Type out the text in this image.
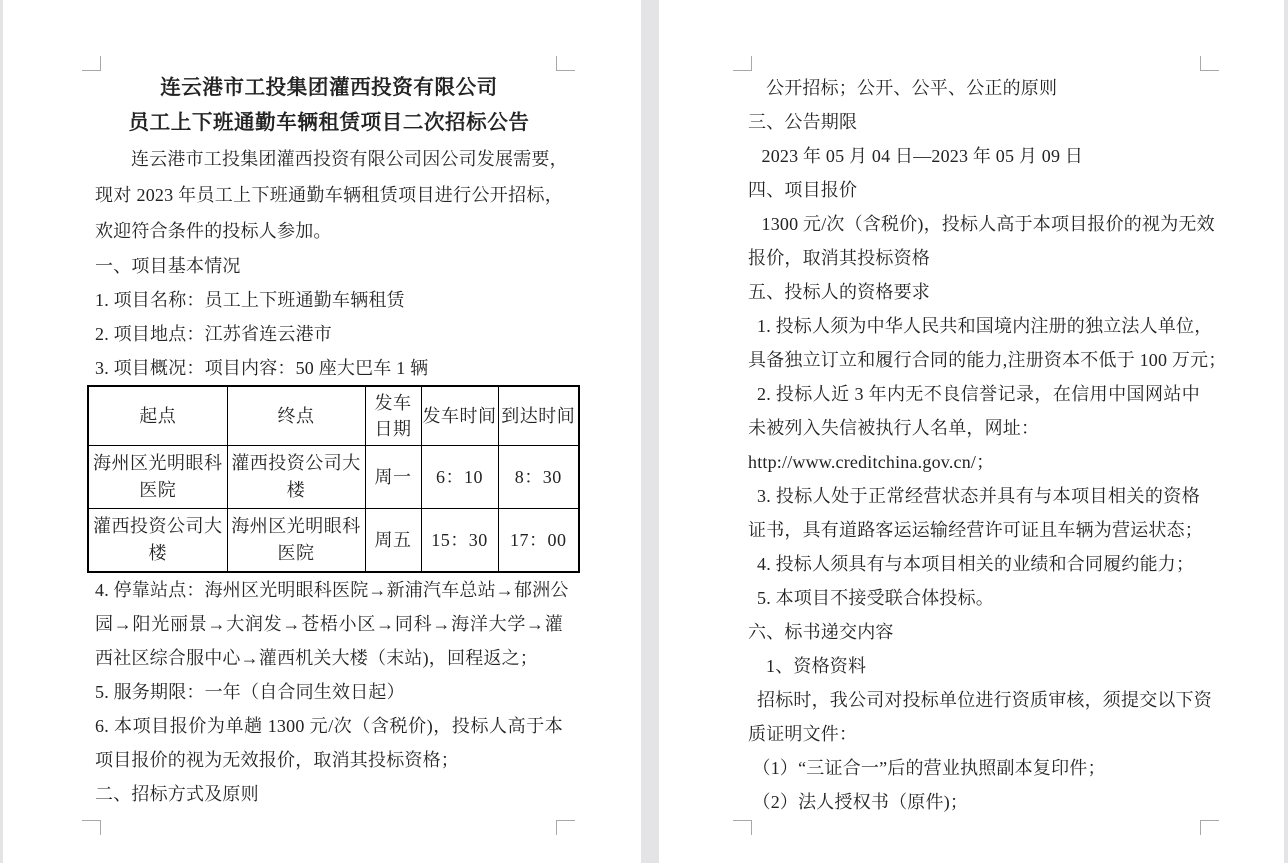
连云港市工投集团灌西投资有限公司
员工上下班通勤车辆租赁项目二次招标公告
连云港市工投集团灌西投资有限公司因公司发展需要，
现对 2023 年员工上下班通勤车辆租赁项目进行公开招标，
欢迎符合条件的投标人参加。
一、项目基本情况
1. 项目名称：员工上下班通勤车辆租赁
2. 项目地点：江苏省连云港市
3. 项目概况：项目内容：50 座大巴车 1 辆
起点	终点	发车日期	发车时间	到达时间
海州区光明眼科医院	灌西投资公司大楼	周一	6：10	8：30
灌西投资公司大楼	海州区光明眼科医院	周五	15：30	17：00
4. 停靠站点：海州区光明眼科医院→新浦汽车总站→郁洲公
园→阳光丽景→大润发→苍梧小区→同科→海洋大学→灌
西社区综合服中心→灌西机关大楼（末站)，回程返之；
5. 服务期限：一年（自合同生效日起）
6. 本项目报价为单趟 1300 元/次（含税价)，投标人高于本
项目报价的视为无效报价，取消其投标资格；
二、招标方式及原则
公开招标；公开、公平、公正的原则
三、公告期限
2023 年 05 月 04 日—2023 年 05 月 09 日
四、项目报价
1300 元/次（含税价)，投标人高于本项目报价的视为无效
报价，取消其投标资格
五、投标人的资格要求
1. 投标人须为中华人民共和国境内注册的独立法人单位，
具备独立订立和履行合同的能力,注册资本不低于 100 万元；
2. 投标人近 3 年内无不良信誉记录，在信用中国网站中
未被列入失信被执行人名单，网址：
http://www.creditchina.gov.cn/；
3. 投标人处于正常经营状态并具有与本项目相关的资格
证书，具有道路客运运输经营许可证且车辆为营运状态；
4. 投标人须具有与本项目相关的业绩和合同履约能力；
5. 本项目不接受联合体投标。
六、标书递交内容
1、资格资料
招标时，我公司对投标单位进行资质审核，须提交以下资
质证明文件：
（1）“三证合一”后的营业执照副本复印件；
（2）法人授权书（原件)；
